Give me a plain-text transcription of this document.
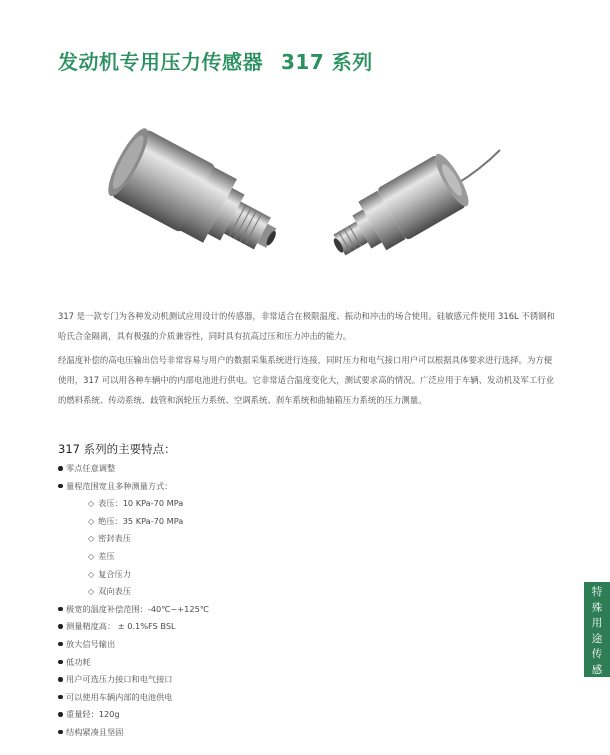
发动机专用压力传感器 317 系列

317 是一款专门为各种发动机测试应用设计的传感器，非常适合在极限温度、振动和冲击的场合使用。硅敏感元件使用 316L 不锈钢和哈氏合金隔离，具有极强的介质兼容性，同时具有抗高过压和压力冲击的能力。

经温度补偿的高电压输出信号非常容易与用户的数据采集系统进行连接，同时压力和电气接口用户可以根据具体要求进行选择。为方便使用，317 可以用各种车辆中的内部电池进行供电。它非常适合温度变化大，测试要求高的情况。广泛应用于车辆、发动机及军工行业的燃料系统、传动系统、歧管和涡轮压力系统、空调系统、刹车系统和曲轴箱压力系统的压力测量。

317 系列的主要特点：
零点任意调整
量程范围宽且多种测量方式：
◇ 表压：10 KPa-70 MPa
◇ 绝压：35 KPa-70 MPa
◇ 密封表压
◇ 差压
◇ 复合压力
◇ 双向表压
极宽的温度补偿范围：-40℃~+125℃
测量精度高： ± 0.1%FS BSL
放大信号输出
低功耗
用户可选压力接口和电气接口
可以使用车辆内部的电池供电
重量轻：120g
结构紧凑且坚固
特
殊
用
途
传
感
器
